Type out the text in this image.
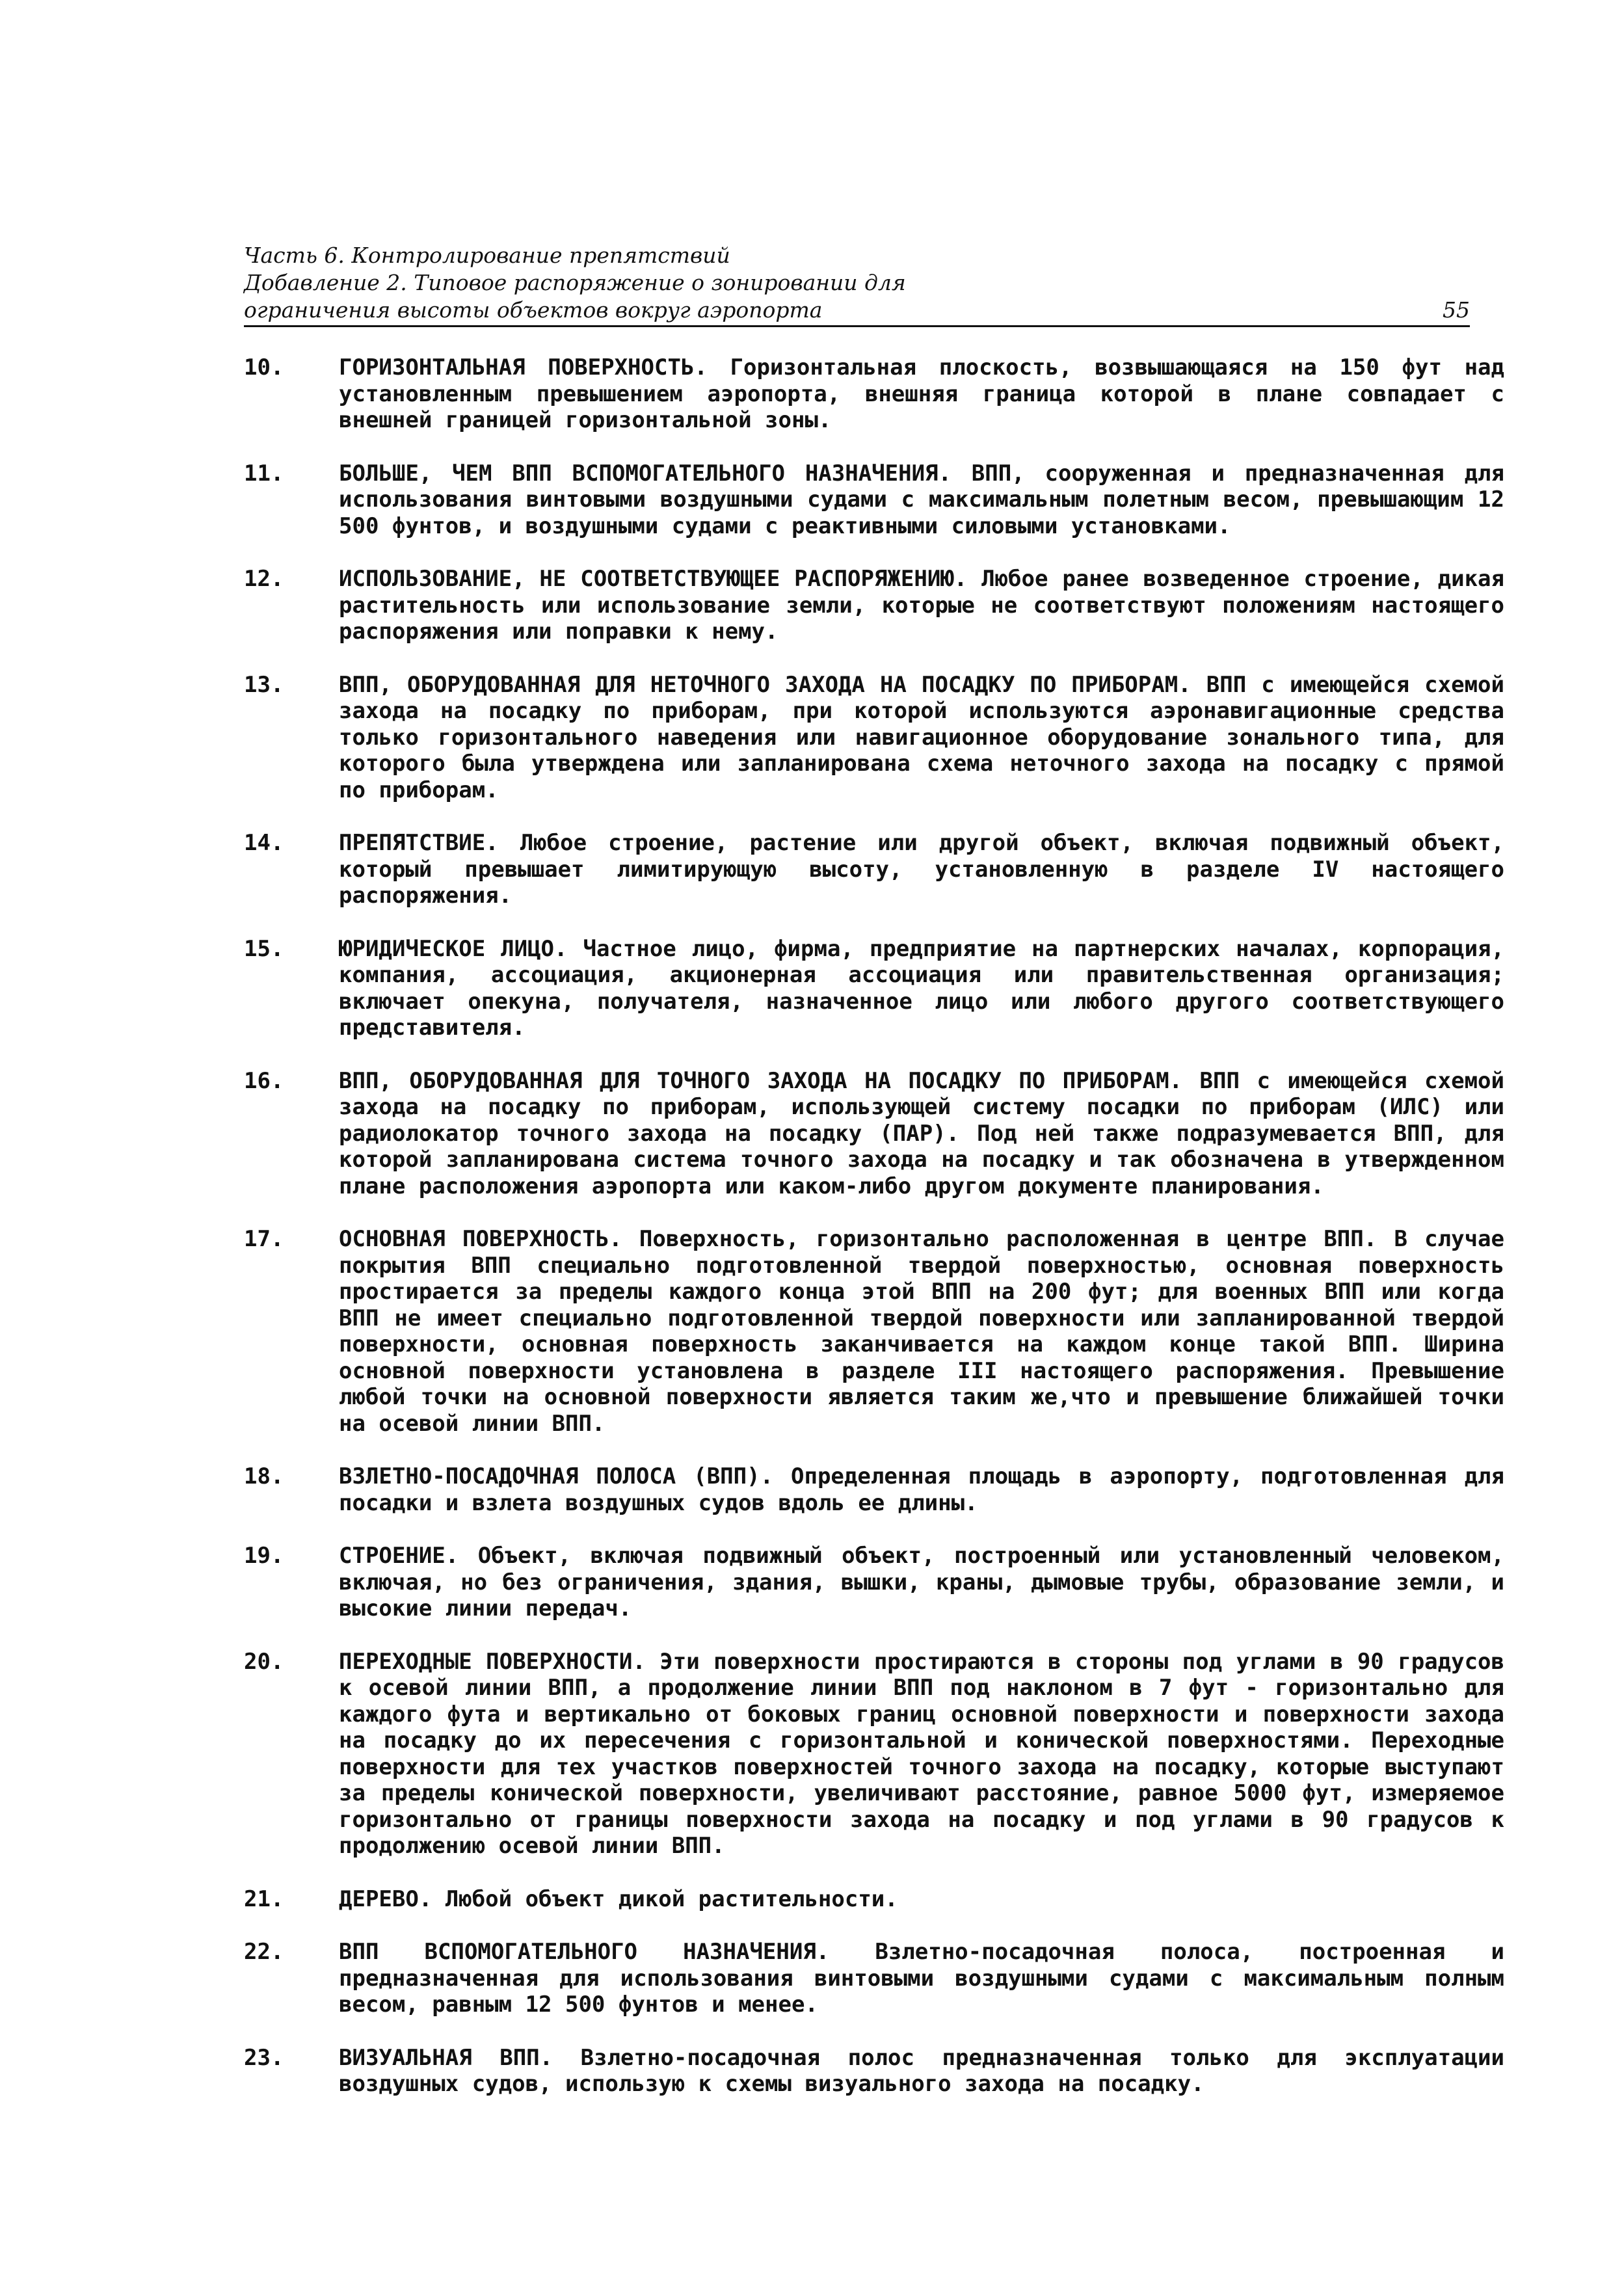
Часть 6. Контролирование препятствий
Добавление 2. Типовое распоряжение о зонировании для
ограничения высоты объектов вокруг аэропорта	55
10. ГОРИЗОНТАЛЬНАЯ ПОВЕРХНОСТЬ. Горизонтальная плоскость, возвышающаяся на 150 фут над установленным превышением аэропорта, внешняя граница которой в плане совпадает с внешней границей горизонтальной зоны.
11. БОЛЬШЕ, ЧЕМ ВПП ВСПОМОГАТЕЛЬНОГО НАЗНАЧЕНИЯ. ВПП, сооруженная и предназначенная для использования винтовыми воздушными судами с максимальным полетным весом, превышающим 12 500 фунтов, и воздушными судами с реактивными силовыми установками.
12. ИСПОЛЬЗОВАНИЕ, НЕ СООТВЕТСТВУЮЩЕЕ РАСПОРЯЖЕНИЮ. Любое ранее возведенное строение, дикая растительность или использование земли, которые не соответствуют положениям настоящего распоряжения или поправки к нему.
13. ВПП, ОБОРУДОВАННАЯ ДЛЯ НЕТОЧНОГО ЗАХОДА НА ПОСАДКУ ПО ПРИБОРАМ. ВПП с имеющейся схемой захода на посадку по приборам, при которой используются аэронавигационные средства только горизонтального наведения или навигационное оборудование зонального типа, для которого была утверждена или запланирована схема неточного захода на посадку с прямой по приборам.
14. ПРЕПЯТСТВИЕ. Любое строение, растение или другой объект, включая подвижный объект, который превышает лимитирующую высоту, установленную в разделе IV настоящего распоряжения.
15. ЮРИДИЧЕСКОЕ ЛИЦО. Частное лицо, фирма, предприятие на партнерских началах, корпорация, компания, ассоциация, акционерная ассоциация или правительственная организация; включает опекуна, получателя, назначенное лицо или любого другого соответствующего представителя.
16. ВПП, ОБОРУДОВАННАЯ ДЛЯ ТОЧНОГО ЗАХОДА НА ПОСАДКУ ПО ПРИБОРАМ. ВПП с имеющейся схемой захода на посадку по приборам, использующей систему посадки по приборам (ИЛС) или радиолокатор точного захода на посадку (ПАР). Под ней также подразумевается ВПП, для которой запланирована система точного захода на посадку и так обозначена в утвержденном плане расположения аэропорта или каком-либо другом документе планирования.
17. ОСНОВНАЯ ПОВЕРХНОСТЬ. Поверхность, горизонтально расположенная в центре ВПП. В случае покрытия ВПП специально подготовленной твердой поверхностью, основная поверхность простирается за пределы каждого конца этой ВПП на 200 фут; для военных ВПП или когда ВПП не имеет специально подготовленной твердой поверхности или запланированной твердой поверхности, основная поверхность заканчивается на каждом конце такой ВПП. Ширина основной поверхности установлена в разделе III настоящего распоряжения. Превышение любой точки на основной поверхности является таким же,что и превышение ближайшей точки на осевой линии ВПП.
18. ВЗЛЕТНО-ПОСАДОЧНАЯ ПОЛОСА (ВПП). Определенная площадь в аэропорту, подготовленная для посадки и взлета воздушных судов вдоль ее длины.
19. СТРОЕНИЕ. Объект, включая подвижный объект, построенный или установленный человеком, включая, но без ограничения, здания, вышки, краны, дымовые трубы, образование земли, и высокие линии передач.
20. ПЕРЕХОДНЫЕ ПОВЕРХНОСТИ. Эти поверхности простираются в стороны под углами в 90 градусов к осевой линии ВПП, а продолжение линии ВПП под наклоном в 7 фут - горизонтально для каждого фута и вертикально от боковых границ основной поверхности и поверхности захода на посадку до их пересечения с горизонтальной и конической поверхностями. Переходные поверхности для тех участков поверхностей точного захода на посадку, которые выступают за пределы конической поверхности, увеличивают расстояние, равное 5000 фут, измеряемое горизонтально от границы поверхности захода на посадку и под углами в 90 градусов к продолжению осевой линии ВПП.
21. ДЕРЕВО. Любой объект дикой растительности.
22. ВПП ВСПОМОГАТЕЛЬНОГО НАЗНАЧЕНИЯ. Взлетно-посадочная полоса, построенная и предназначенная для использования винтовыми воздушными судами с максимальным полным весом, равным 12 500 фунтов и менее.
23. ВИЗУАЛЬНАЯ ВПП. Взлетно-посадочная полос предназначенная только для эксплуатации воздушных судов, использую к схемы визуального захода на посадку.
